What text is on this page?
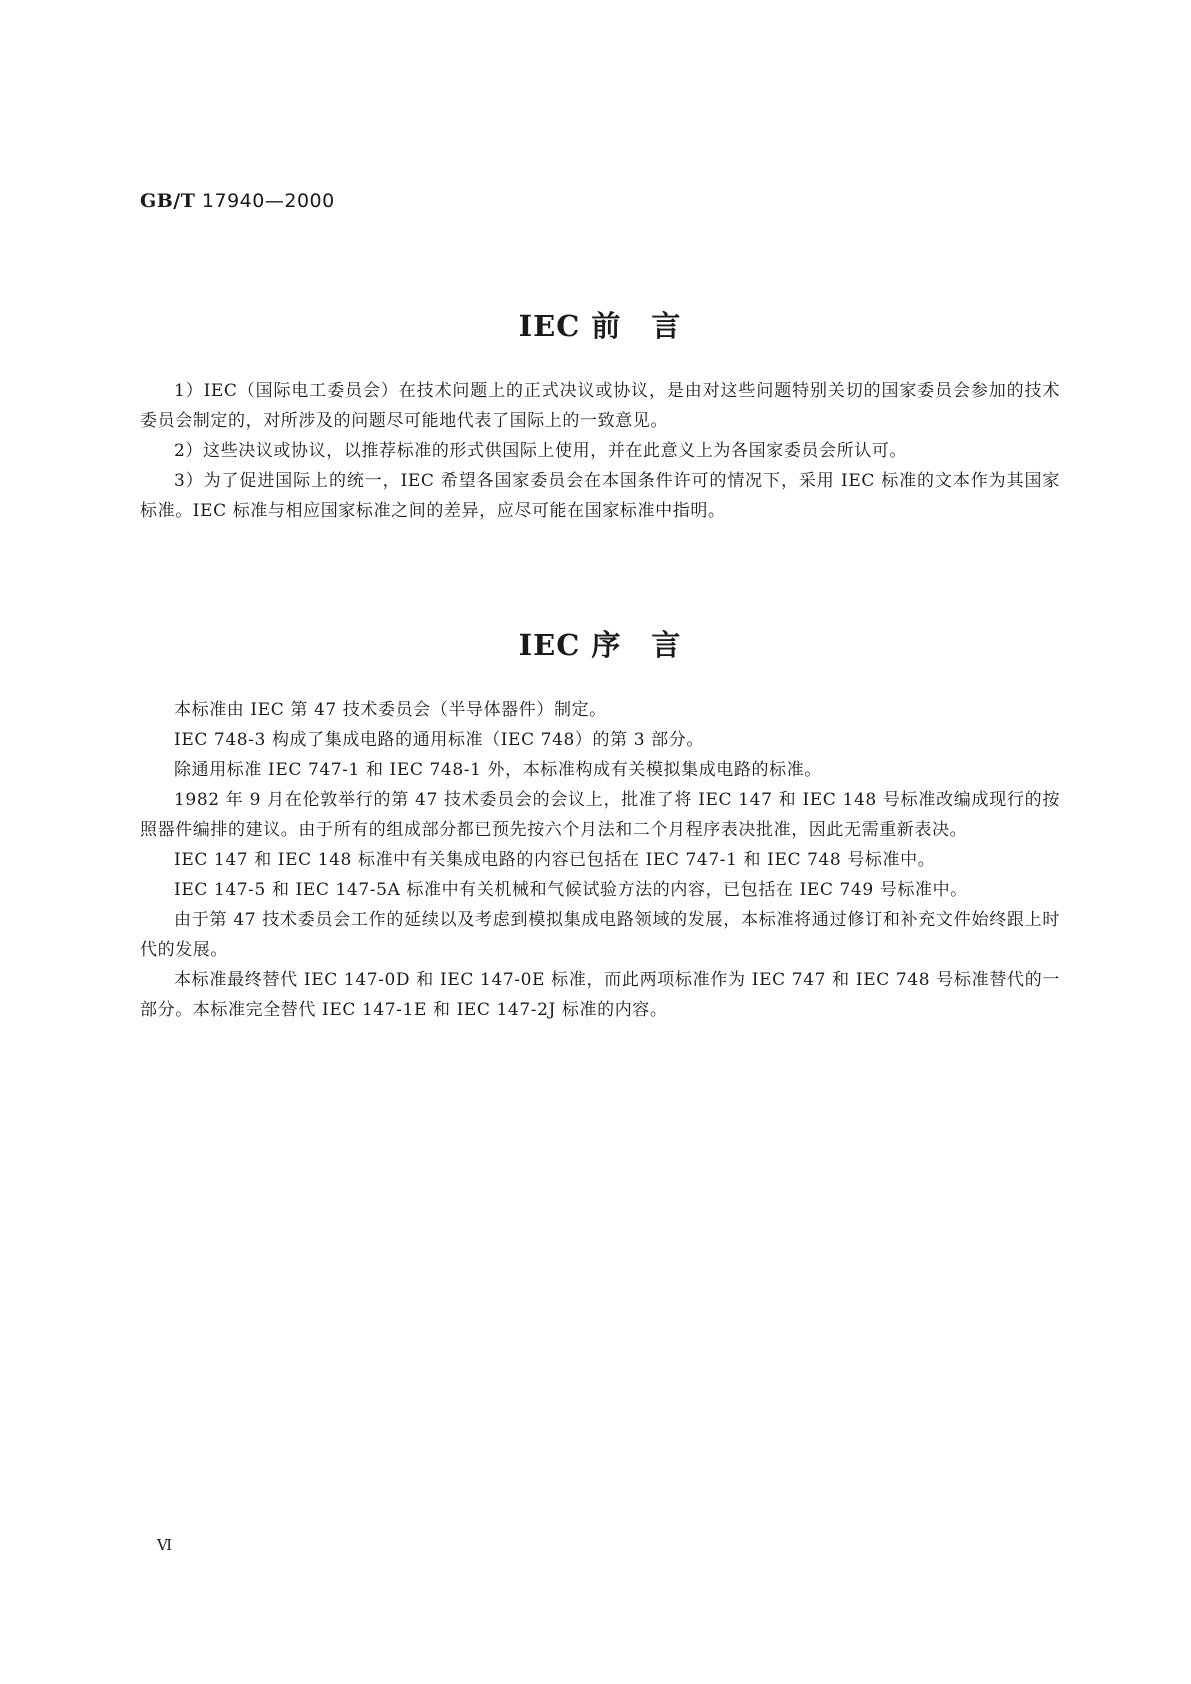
GB/T 17940—2000
IEC 前 言

1）IEC（国际电工委员会）在技术问题上的正式决议或协议，是由对这些问题特别关切的国家委员会参加的技术委员会制定的，对所涉及的问题尽可能地代表了国际上的一致意见。

2）这些决议或协议，以推荐标准的形式供国际上使用，并在此意义上为各国家委员会所认可。

3）为了促进国际上的统一，IEC 希望各国家委员会在本国条件许可的情况下，采用 IEC 标准的文本作为其国家标准。IEC 标准与相应国家标准之间的差异，应尽可能在国家标准中指明。

IEC 序 言

本标准由 IEC 第 47 技术委员会（半导体器件）制定。

IEC 748-3 构成了集成电路的通用标准（IEC 748）的第 3 部分。

除通用标准 IEC 747-1 和 IEC 748-1 外，本标准构成有关模拟集成电路的标准。

1982 年 9 月在伦敦举行的第 47 技术委员会的会议上，批准了将 IEC 147 和 IEC 148 号标准改编成现行的按照器件编排的建议。由于所有的组成部分都已预先按六个月法和二个月程序表决批准，因此无需重新表决。

IEC 147 和 IEC 148 标准中有关集成电路的内容已包括在 IEC 747-1 和 IEC 748 号标准中。

IEC 147-5 和 IEC 147-5A 标准中有关机械和气候试验方法的内容，已包括在 IEC 749 号标准中。

由于第 47 技术委员会工作的延续以及考虑到模拟集成电路领域的发展，本标准将通过修订和补充文件始终跟上时代的发展。

本标准最终替代 IEC 147-0D 和 IEC 147-0E 标准，而此两项标准作为 IEC 747 和 IEC 748 号标准替代的一部分。本标准完全替代 IEC 147-1E 和 IEC 147-2J 标准的内容。

Ⅵ
